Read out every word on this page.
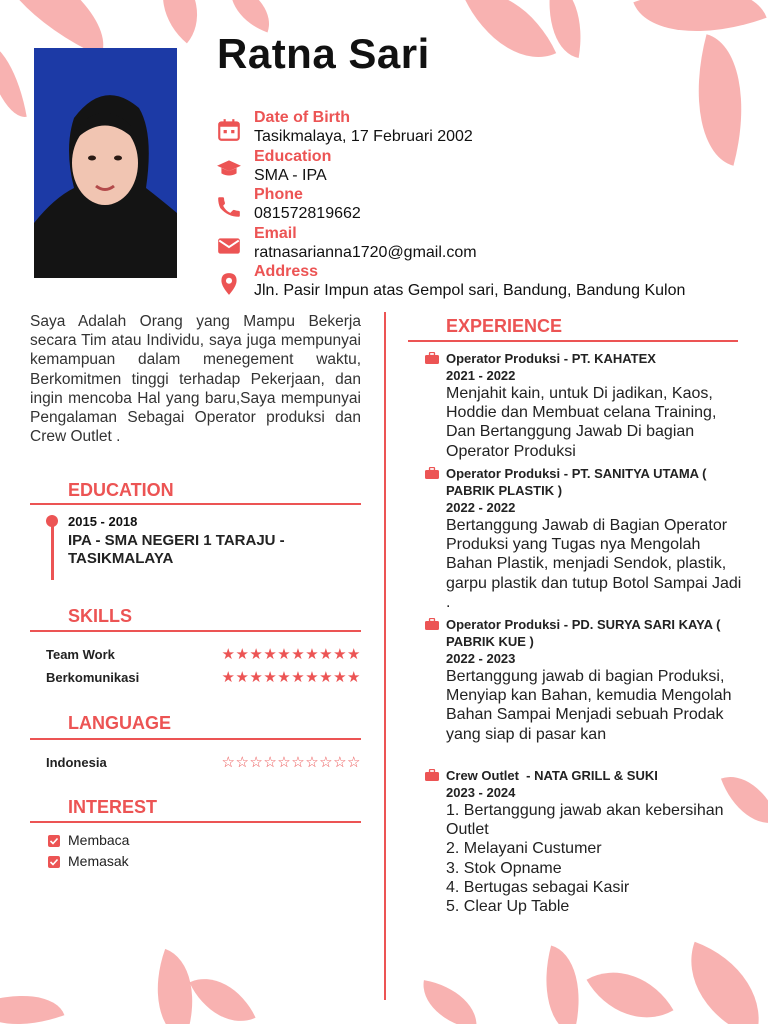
Ratna Sari
Date of Birth
Tasikmalaya, 17 Februari 2002
Education
SMA - IPA
Phone
081572819662
Email
ratnasarianna1720@gmail.com
Address
Jln. Pasir Impun atas Gempol sari, Bandung, Bandung Kulon
Saya Adalah Orang yang Mampu Bekerja secara Tim atau Individu, saya juga mempunyai kemampuan dalam menegement waktu, Berkomitmen tinggi terhadap Pekerjaan, dan ingin mencoba Hal yang baru,Saya mempunyai Pengalaman Sebagai Operator produksi dan Crew Outlet .
EDUCATION
2015 - 2018
IPA - SMA NEGERI 1 TARAJU - TASIKMALAYA
SKILLS
Team Work	★★★★★★★★★★
Berkomunikasi	★★★★★★★★★★
LANGUAGE
Indonesia	☆☆☆☆☆☆☆☆☆☆
INTEREST
Membaca
Memasak
EXPERIENCE
Operator Produksi - PT. KAHATEX
2021 - 2022
Menjahit kain, untuk Di jadikan, Kaos, Hoddie dan Membuat celana Training, Dan Bertanggung Jawab Di bagian Operator Produksi
Operator Produksi - PT. SANITYA UTAMA ( PABRIK PLASTIK )
2022 - 2022
Bertanggung Jawab di Bagian Operator Produksi yang Tugas nya Mengolah Bahan Plastik, menjadi Sendok, plastik, garpu plastik dan tutup Botol Sampai Jadi .
Operator Produksi - PD. SURYA SARI KAYA ( PABRIK KUE )
2022 - 2023
Bertanggung jawab di bagian Produksi, Menyiap kan Bahan, kemudia Mengolah Bahan Sampai Menjadi sebuah Prodak yang siap di pasar kan
Crew Outlet  - NATA GRILL & SUKI
2023 - 2024
1. Bertanggung jawab akan kebersihan Outlet
2. Melayani Custumer
3. Stok Opname
4. Bertugas sebagai Kasir
5. Clear Up Table
